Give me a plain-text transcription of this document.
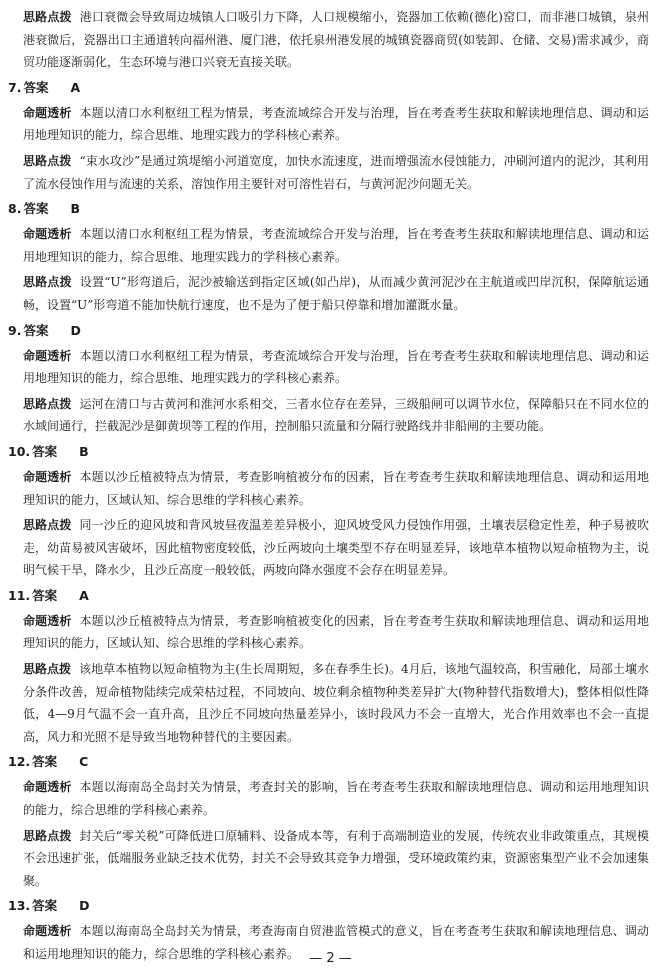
思路点拨 港口衰微会导致周边城镇人口吸引力下降，人口规模缩小，瓷器加工依赖(德化)窑口，而非港口城镇，泉州港衰微后，瓷器出口主通道转向福州港、厦门港，依托泉州港发展的城镇瓷器商贸(如装卸、仓储、交易)需求减少，商贸功能逐渐弱化，生态环境与港口兴衰无直接关联。

7. 答案 A

命题透析 本题以清口水利枢纽工程为情景，考查流域综合开发与治理，旨在考查考生获取和解读地理信息、调动和运用地理知识的能力，综合思维、地理实践力的学科核心素养。

思路点拨 “束水攻沙”是通过筑堤缩小河道宽度，加快水流速度，进而增强流水侵蚀能力，冲刷河道内的泥沙，其利用了流水侵蚀作用与流速的关系，溶蚀作用主要针对可溶性岩石，与黄河泥沙问题无关。

8. 答案 B

命题透析 本题以清口水利枢纽工程为情景，考查流域综合开发与治理，旨在考查考生获取和解读地理信息、调动和运用地理知识的能力，综合思维、地理实践力的学科核心素养。

思路点拨 设置“U”形弯道后，泥沙被输送到指定区域(如凸岸)，从而减少黄河泥沙在主航道或凹岸沉积，保障航运通畅，设置“U”形弯道不能加快航行速度，也不是为了便于船只停靠和增加灌溉水量。

9. 答案 D

命题透析 本题以清口水利枢纽工程为情景，考查流域综合开发与治理，旨在考查考生获取和解读地理信息、调动和运用地理知识的能力，综合思维、地理实践力的学科核心素养。

思路点拨 运河在清口与古黄河和淮河水系相交，三者水位存在差异，三级船闸可以调节水位，保障船只在不同水位的水域间通行，拦截泥沙是御黄坝等工程的作用，控制船只流量和分隔行驶路线并非船闸的主要功能。

10. 答案 B

命题透析 本题以沙丘植被特点为情景，考查影响植被分布的因素，旨在考查考生获取和解读地理信息、调动和运用地理知识的能力，区域认知、综合思维的学科核心素养。

思路点拨 同一沙丘的迎风坡和背风坡昼夜温差差异极小，迎风坡受风力侵蚀作用强，土壤表层稳定性差，种子易被吹走，幼苗易被风害破坏，因此植物密度较低，沙丘两坡向土壤类型不存在明显差异，该地草本植物以短命植物为主，说明气候干旱，降水少，且沙丘高度一般较低，两坡向降水强度不会存在明显差异。

11. 答案 A

命题透析 本题以沙丘植被特点为情景，考查影响植被变化的因素，旨在考查考生获取和解读地理信息、调动和运用地理知识的能力，区域认知、综合思维的学科核心素养。

思路点拨 该地草本植物以短命植物为主(生长周期短，多在春季生长)。4月后，该地气温较高，积雪融化，局部土壤水分条件改善，短命植物陆续完成荣枯过程，不同坡向、坡位剩余植物种类差异扩大(物种替代指数增大)，整体相似性降低，4—9月气温不会一直升高，且沙丘不同坡向热量差异小，该时段风力不会一直增大，光合作用效率也不会一直提高，风力和光照不是导致当地物种替代的主要因素。

12. 答案 C

命题透析 本题以海南岛全岛封关为情景，考查封关的影响，旨在考查考生获取和解读地理信息、调动和运用地理知识的能力，综合思维的学科核心素养。

思路点拨 封关后“零关税”可降低进口原辅料、设备成本等，有利于高端制造业的发展，传统农业非政策重点，其规模不会迅速扩张，低端服务业缺乏技术优势，封关不会导致其竞争力增强，受环境政策约束，资源密集型产业不会加速集聚。

13. 答案 D

命题透析 本题以海南岛全岛封关为情景，考查海南自贸港监管模式的意义，旨在考查考生获取和解读地理信息、调动和运用地理知识的能力，综合思维的学科核心素养。 — 2 —
